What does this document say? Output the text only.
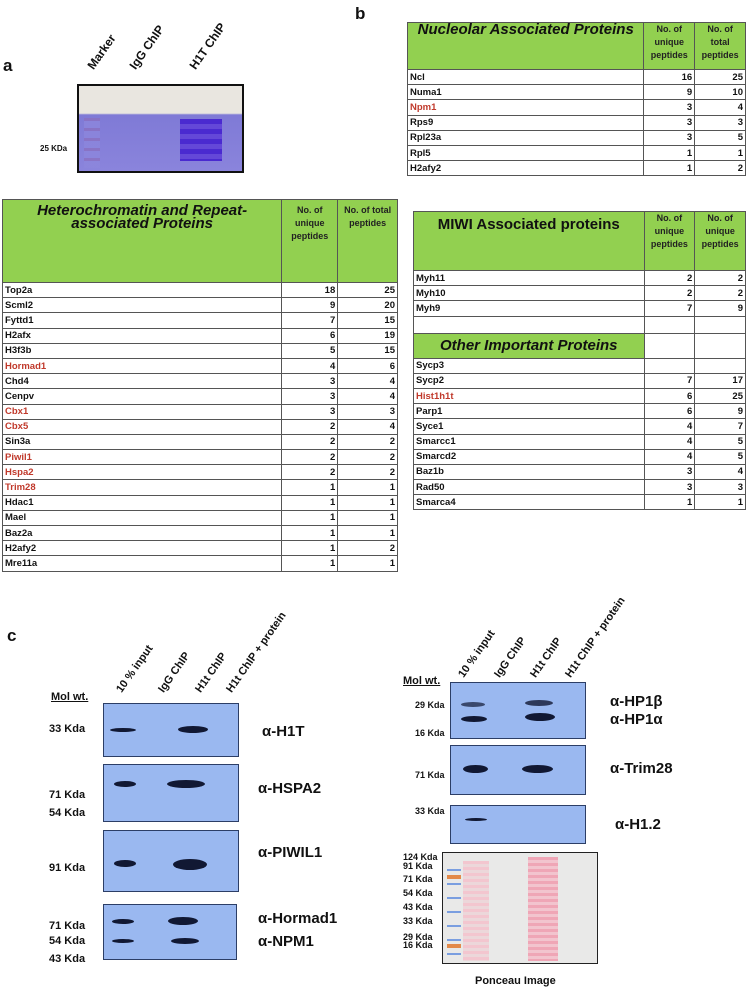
a	Marker IgG ChIP H1T ChIP
25 KDa
b
Nucleolar Associated Proteins	No. of unique peptides	No. of total peptides
Ncl	16	25
Numa1	9	10
Npm1	3	4
Rps9	3	3
Rpl23a	3	5
Rpl5	1	1
H2afy2	1	2
Heterochromatin and Repeat-associated Proteins	No. of unique peptides	No. of total peptides
Top2a	18	25
Scml2	9	20
Fyttd1	7	15
H2afx	6	19
H3f3b	5	15
Hormad1	4	6
Chd4	3	4
Cenpv	3	4
Cbx1	3	3
Cbx5	2	4
Sin3a	2	2
Piwil1	2	2
Hspa2	2	2
Trim28	1	1
Hdac1	1	1
Mael	1	1
Baz2a	1	1
H2afy2	1	2
Mre11a	1	1
MIWI Associated proteins	No. of unique peptides	No. of unique peptides
Myh11	2	2
Myh10	2	2
Myh9	7	9

Other Important Proteins		
Sycp3		
Sycp2	7	17
Hist1h1t	6	25
Parp1	6	9
Syce1	4	7
Smarcc1	4	5
Smarcd2	4	5
Baz1b	3	4
Rad50	3	3
Smarca4	1	1
c
10 % input IgG ChIP H1t ChIP
H1t ChIP + protein
Mol wt.
33 Kda	α-H1T
71 Kda
54 Kda
α-HSPA2
91 Kda
α-PIWIL1
71 Kda
54 Kda
43 Kda
α-Hormad1
α-NPM1
10 % input
IgG ChIP H1t ChIP
H1t ChIP + protein
Mol wt.
29 Kda
16 Kda
α-HP1β
α-HP1α
71 Kda	α-Trim28
33 Kda
α-H1.2
124 Kda
91 Kda
71 Kda
54 Kda
43 Kda
33 Kda
29 Kda
16 Kda
Ponceau Image
